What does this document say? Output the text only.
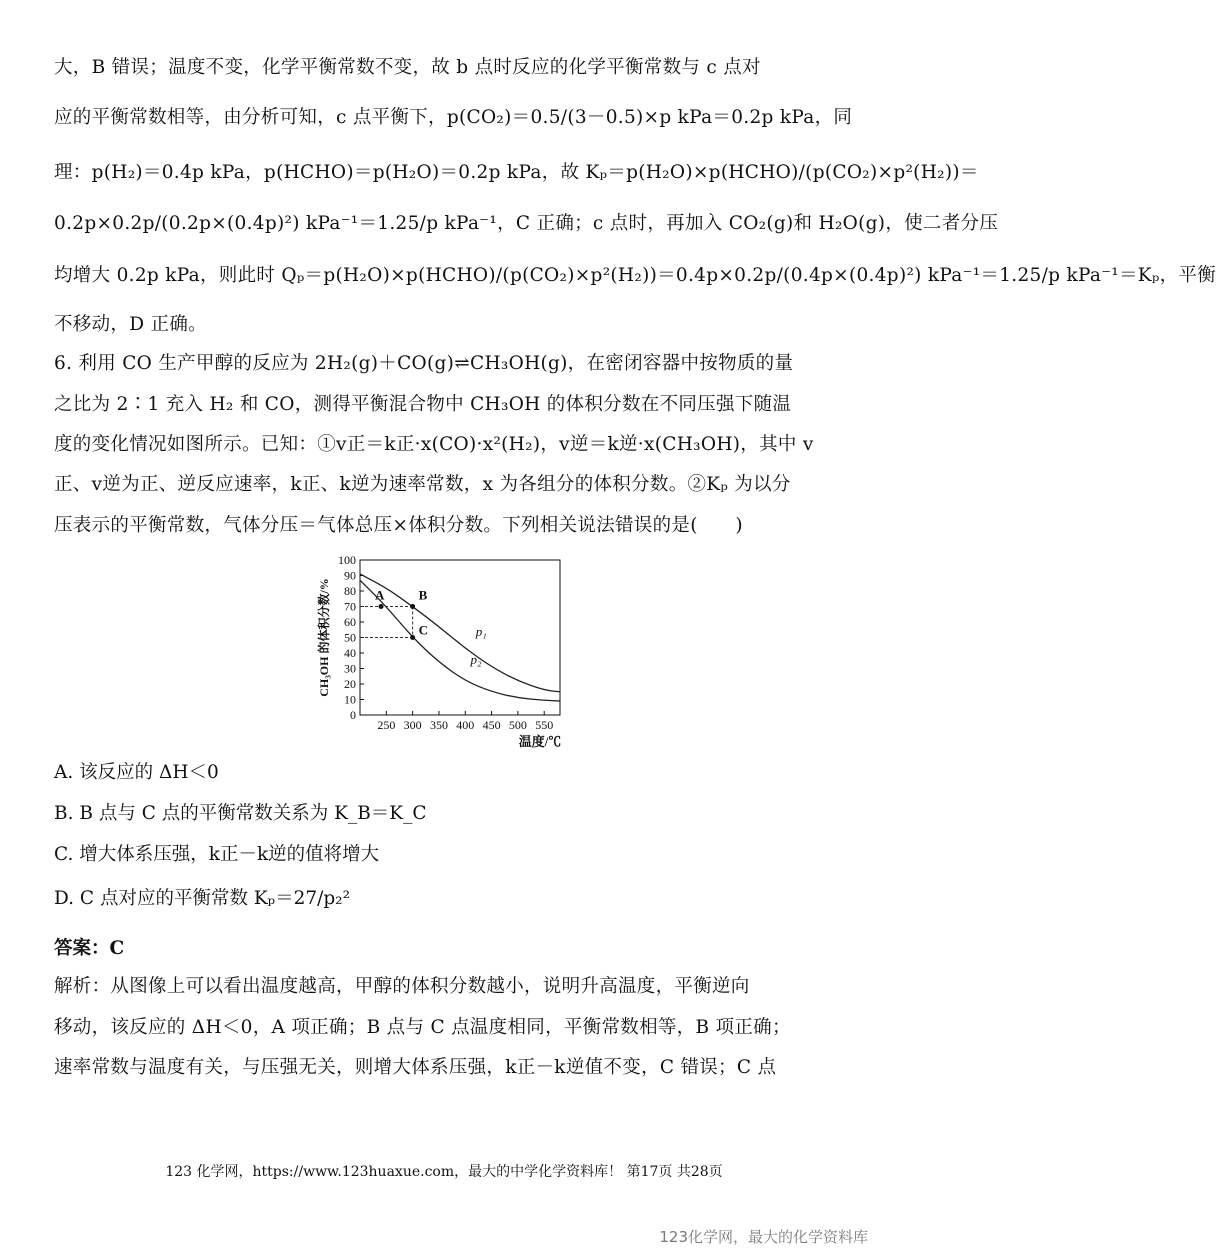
大，B 错误；温度不变，化学平衡常数不变，故 b 点时反应的化学平衡常数与 c 点对
应的平衡常数相等，由分析可知，c 点平衡下，p(CO₂)＝0.5/(3－0.5)×p kPa＝0.2p kPa，同
理：p(H₂)＝0.4p kPa，p(HCHO)＝p(H₂O)＝0.2p kPa，故 Kₚ＝p(H₂O)×p(HCHO)/(p(CO₂)×p²(H₂))＝
0.2p×0.2p/(0.2p×(0.4p)²) kPa⁻¹＝1.25/p kPa⁻¹，C 正确；c 点时，再加入 CO₂(g)和 H₂O(g)，使二者分压
均增大 0.2p kPa，则此时 Qₚ＝p(H₂O)×p(HCHO)/(p(CO₂)×p²(H₂))＝0.4p×0.2p/(0.4p×(0.4p)²) kPa⁻¹＝1.25/p kPa⁻¹＝Kₚ，平衡
不移动，D 正确。
6. 利用 CO 生产甲醇的反应为 2H₂(g)＋CO(g)⇌CH₃OH(g)，在密闭容器中按物质的量
之比为 2∶1 充入 H₂ 和 CO，测得平衡混合物中 CH₃OH 的体积分数在不同压强下随温
度的变化情况如图所示。已知：①v正＝k正·x(CO)·x²(H₂)，v逆＝k逆·x(CH₃OH)，其中 v
正、v逆为正、逆反应速率，k正、k逆为速率常数，x 为各组分的体积分数。②Kₚ 为以分
压表示的平衡常数，气体分压＝气体总压×体积分数。下列相关说法错误的是(　　)
0
10
20
30
40
50
60
70
80
90
100
250 300 350 400 450 500 550
温度/℃
CH₃OH 的体积分数/%	p₁
p₂
A	B
C
A. 该反应的 ΔH＜0
B. B 点与 C 点的平衡常数关系为 K_B＝K_C
C. 增大体系压强，k正－k逆的值将增大
D. C 点对应的平衡常数 Kₚ＝27/p₂²
答案：C
解析：从图像上可以看出温度越高，甲醇的体积分数越小，说明升高温度，平衡逆向
移动，该反应的 ΔH＜0，A 项正确；B 点与 C 点温度相同，平衡常数相等，B 项正确；
速率常数与温度有关，与压强无关，则增大体系压强，k正－k逆值不变，C 错误；C 点
123 化学网，https://www.123huaxue.com，最大的中学化学资料库！ 第17页 共28页
123化学网，最大的化学资料库
